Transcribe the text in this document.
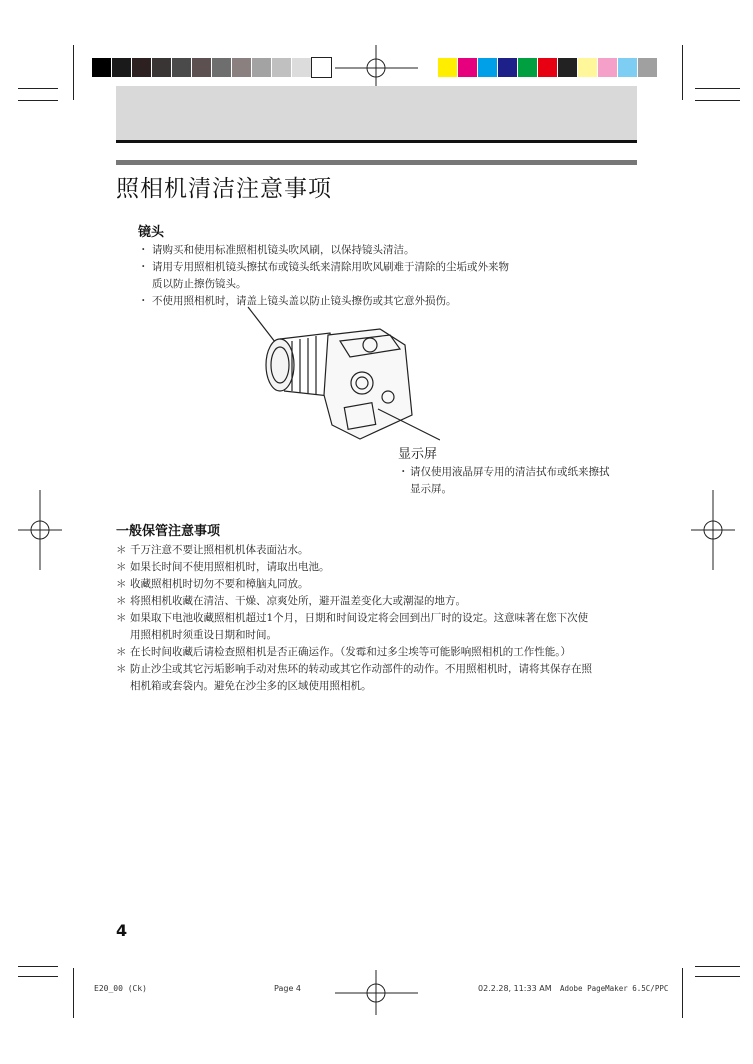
照相机清洁注意事项
镜头
・ 请购买和使用标准照相机镜头吹风刷，以保持镜头清洁。
・ 请用专用照相机镜头擦拭布或镜头纸来清除用吹风刷难于清除的尘垢或外来物
质以防止擦伤镜头。
・ 不使用照相机时，请盖上镜头盖以防止镜头擦伤或其它意外损伤。
显示屏
・ 请仅使用液晶屏专用的清洁拭布或纸来擦拭
显示屏。
一般保管注意事项
＊ 千万注意不要让照相机机体表面沾水。
＊ 如果长时间不使用照相机时，请取出电池。
＊ 收藏照相机时切勿不要和樟脑丸同放。
＊ 将照相机收藏在清洁、干燥、凉爽处所，避开温差变化大或潮湿的地方。
＊ 如果取下电池收藏照相机超过1个月，日期和时间设定将会回到出厂时的设定。这意味著在您下次使
用照相机时须重设日期和时间。
＊ 在长时间收藏后请检查照相机是否正确运作。（发霉和过多尘埃等可能影响照相机的工作性能。）
＊ 防止沙尘或其它污垢影响手动对焦环的转动或其它作动部件的动作。不用照相机时，请将其保存在照
相机箱或套袋内。避免在沙尘多的区域使用照相机。
4
E20_00 (Ck)	Page 4	02.2.28, 11:33 AM Adobe PageMaker 6.5C/PPC
